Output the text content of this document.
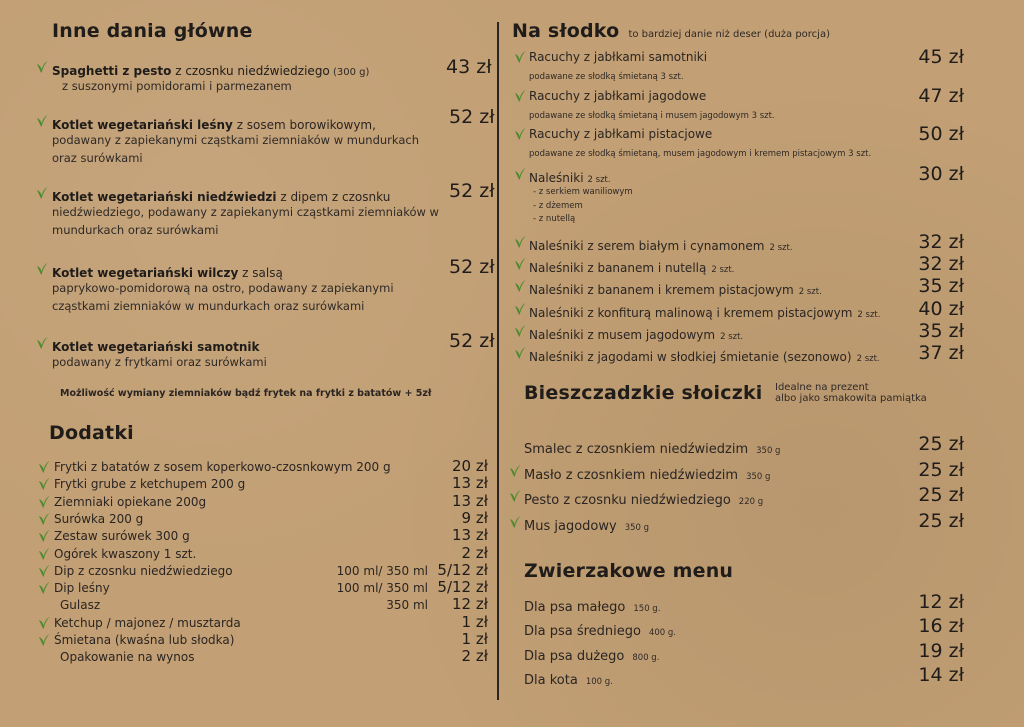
Inne dania główne
Spaghetti z pesto z czosnku niedźwiedziego (300 g)
z suszonymi pomidorami i parmezanem
43 zł
Kotlet wegetariański leśny z sosem borowikowym,
podawany z zapiekanymi cząstkami ziemniaków w mundurkach oraz surówkami
52 zł
Kotlet wegetariański niedźwiedzi z dipem z czosnku
niedźwiedziego, podawany z zapiekanymi cząstkami ziemniaków w mundurkach oraz surówkami
52 zł
Kotlet wegetariański wilczy z salsą
paprykowo-pomidorową na ostro, podawany z zapiekanymi cząstkami ziemniaków w mundurkach oraz surówkami
52 zł
Kotlet wegetariański samotnik
podawany z frytkami oraz surówkami
52 zł
Możliwość wymiany ziemniaków bądź frytek na frytki z batatów + 5zł
Dodatki
Frytki z batatów z sosem koperkowo-czosnkowym 200 g	20 zł
Frytki grube z ketchupem 200 g	13 zł
Ziemniaki opiekane 200g	13 zł
Surówka 200 g	9 zł
Zestaw surówek 300 g	13 zł
Ogórek kwaszony 1 szt.	2 zł
Dip z czosnku niedźwiedziego	100 ml/ 350 ml 5/12 zł
Dip leśny	100 ml/ 350 ml 5/12 zł
Gulasz	350 ml	12 zł
Ketchup / majonez / musztarda	1 zł
Śmietana (kwaśna lub słodka)	1 zł
Opakowanie na wynos	2 zł
Na słodko to bardziej danie niż deser (duża porcja)
Racuchy z jabłkami samotniki
podawane ze słodką śmietaną 3 szt.
45 zł
Racuchy z jabłkami jagodowe
podawane ze słodką śmietaną i musem jagodowym 3 szt.
47 zł
Racuchy z jabłkami pistacjowe
podawane ze słodką śmietaną, musem jagodowym i kremem pistacjowym 3 szt.
50 zł
Naleśniki 2 szt.
- z serkiem waniliowym
- z dżemem
- z nutellą
30 zł
Naleśniki z serem białym i cynamonem 2 szt.	32 zł
Naleśniki z bananem i nutellą 2 szt.	32 zł
Naleśniki z bananem i kremem pistacjowym 2 szt.	35 zł
Naleśniki z konfiturą malinową i kremem pistacjowym 2 szt.	40 zł
Naleśniki z musem jagodowym 2 szt.	35 zł
Naleśniki z jagodami w słodkiej śmietanie (sezonowo) 2 szt.	37 zł
Bieszczadzkie słoiczki Idealne na prezent
albo jako smakowita pamiątka
Smalec z czosnkiem niedźwiedzim 350 g	25 zł
Masło z czosnkiem niedźwiedzim 350 g	25 zł
Pesto z czosnku niedźwiedziego 220 g	25 zł
Mus jagodowy 350 g	25 zł
Zwierzakowe menu
Dla psa małego 150 g.	12 zł
Dla psa średniego 400 g.	16 zł
Dla psa dużego 800 g.	19 zł
Dla kota 100 g.	14 zł
